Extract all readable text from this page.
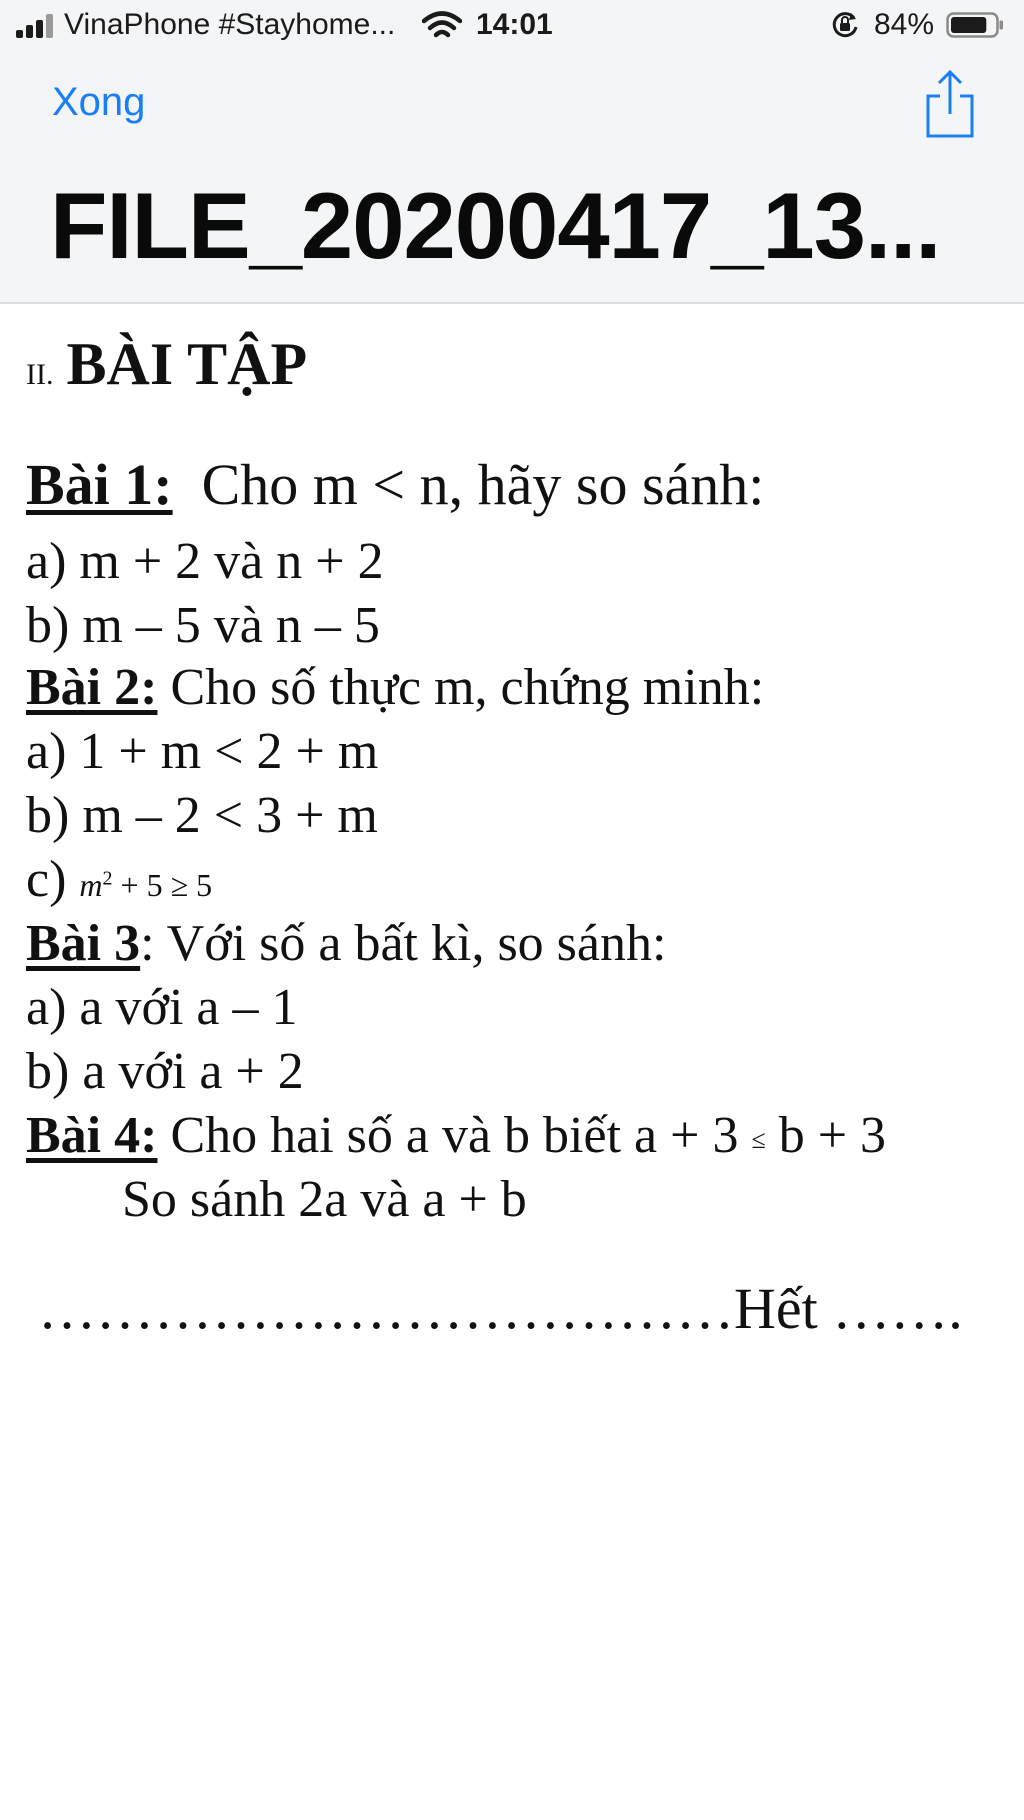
VinaPhone #Stayhome...	14:01	84%
Xong
FILE_20200417_13...
II. BÀI TẬP
Bài 1: Cho m < n, hãy so sánh:
a) m + 2 và n + 2
b) m – 5 và n – 5
Bài 2: Cho số thực m, chứng minh:
a) 1 + m < 2 + m
b) m – 2 < 3 + m
c) $m^2 + 5 \ge 5$
Bài 3: Với số a bất kì, so sánh:
a) a với a – 1
b) a với a + 2
Bài 4: Cho hai số a và b biết a + 3 ≤ b + 3
So sánh 2a và a + b
………………………………Hết …….
